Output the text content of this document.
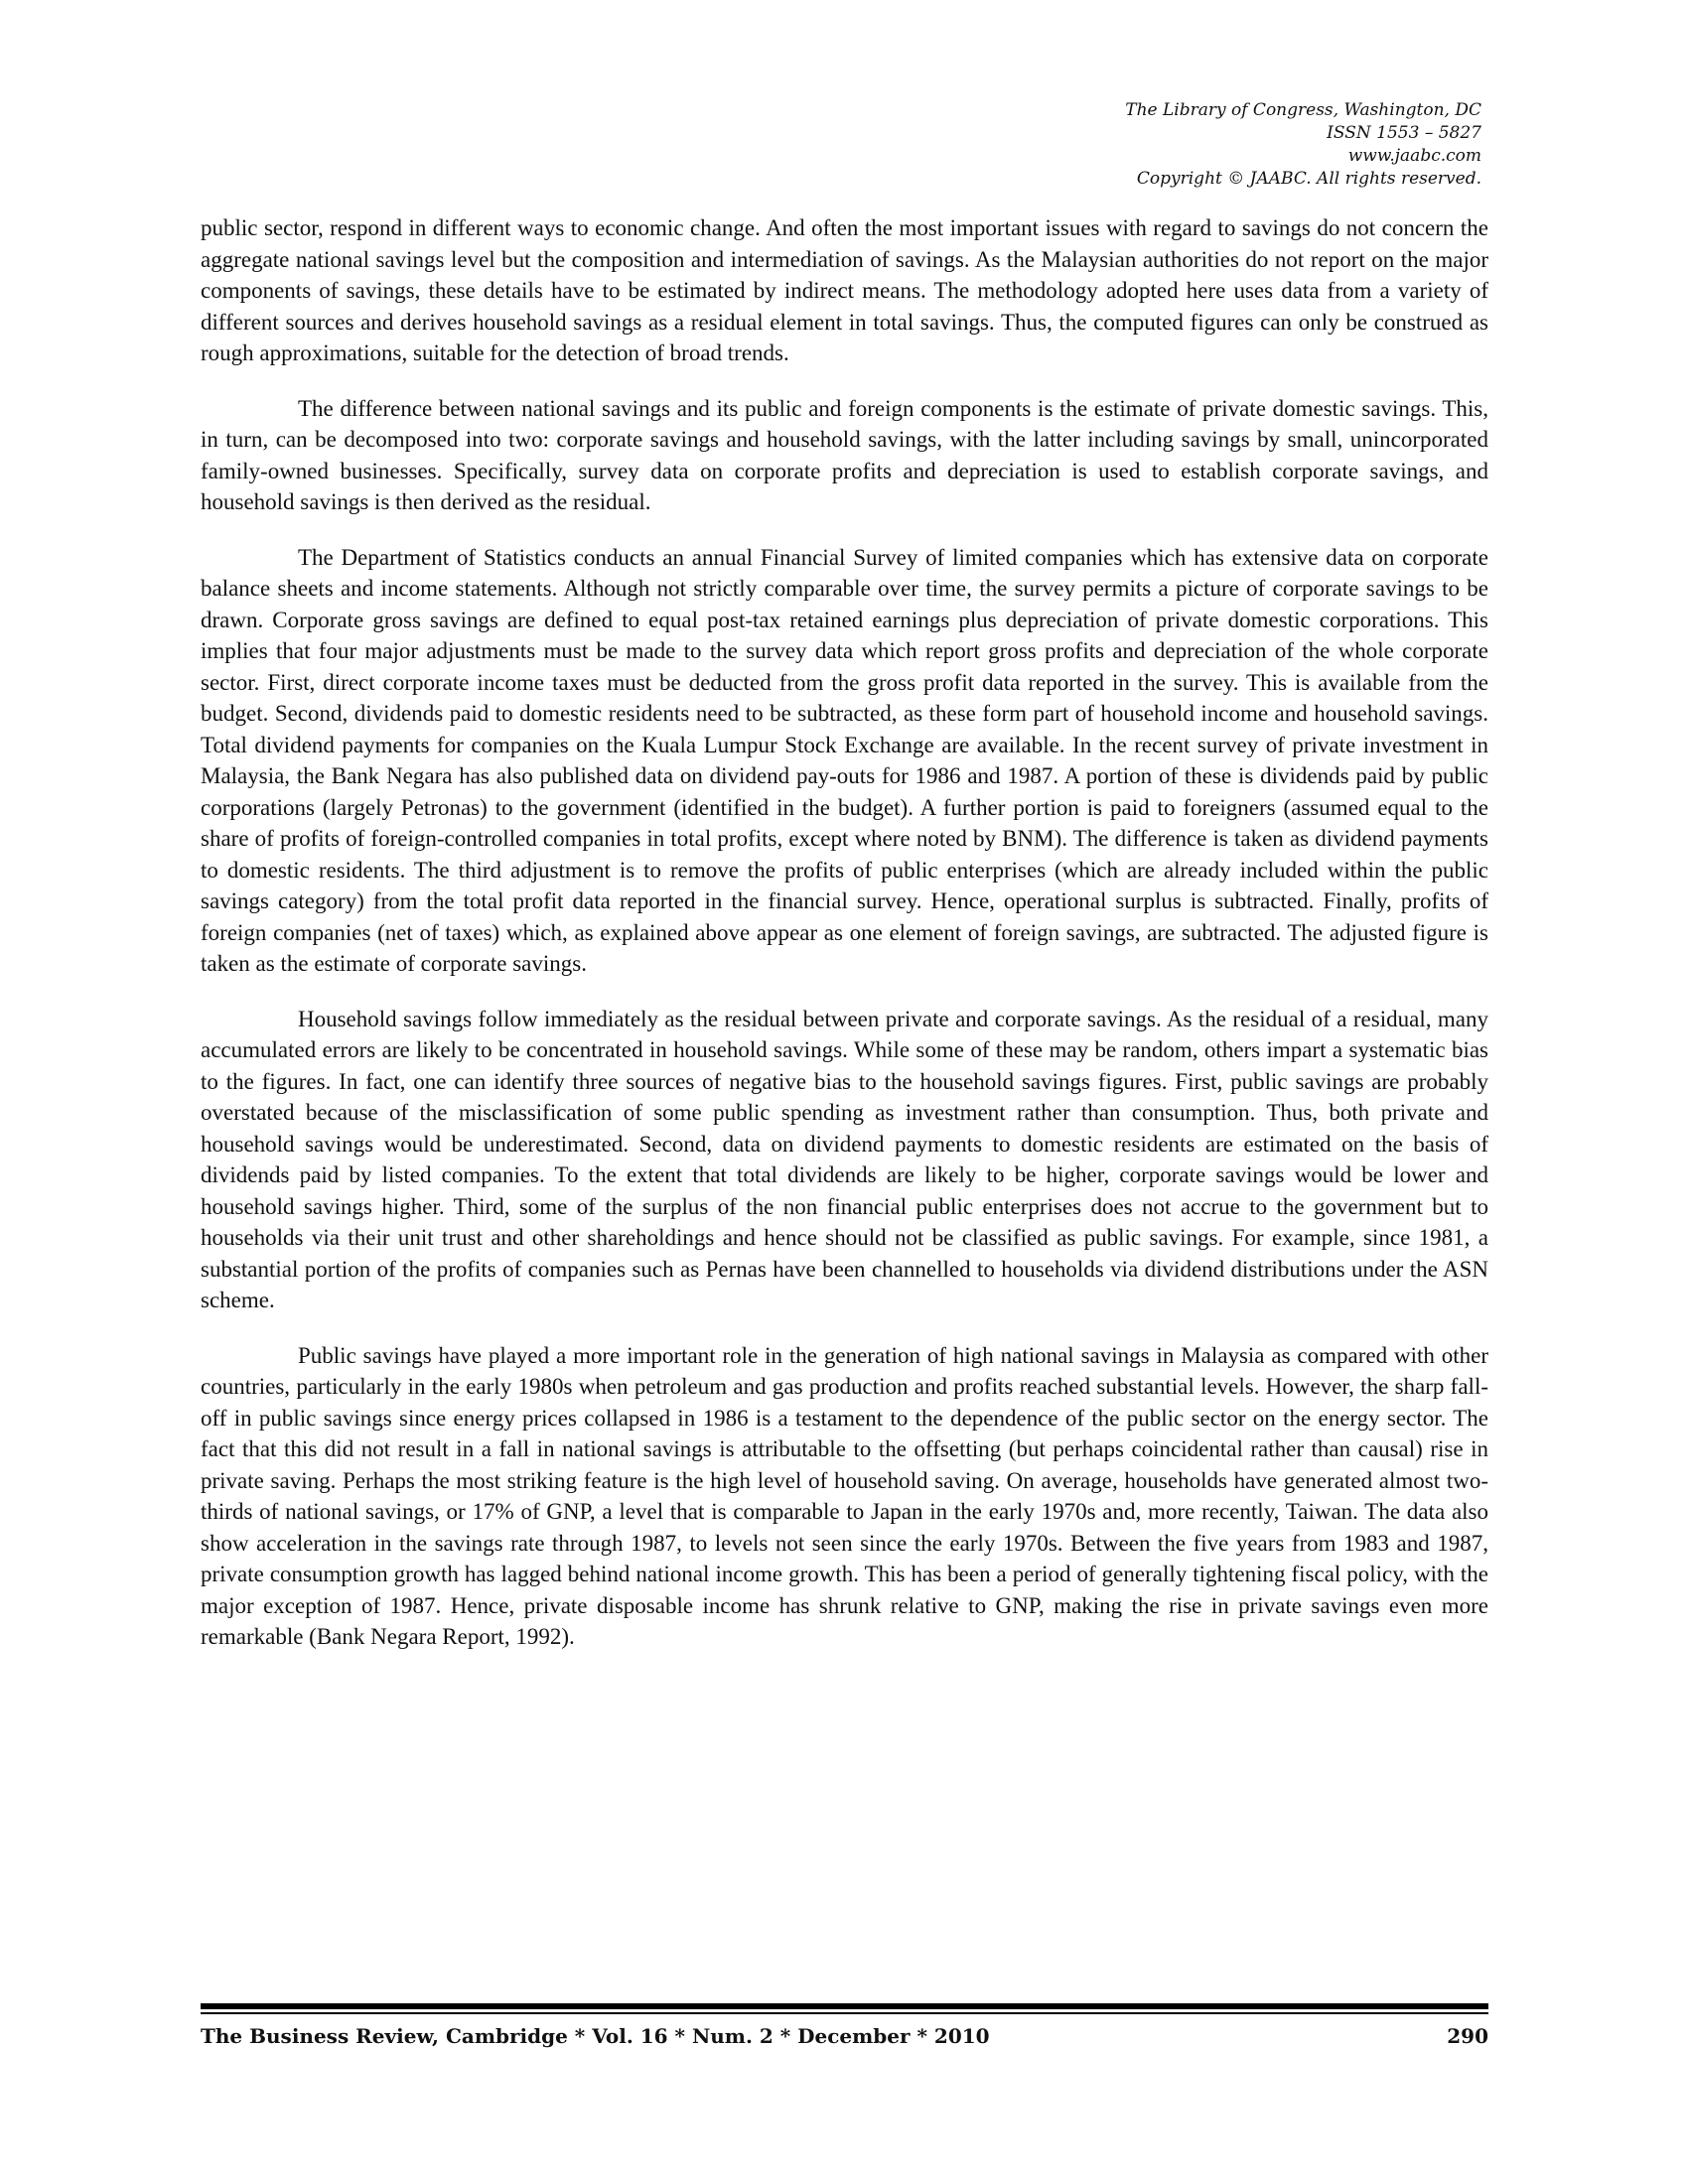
The Library of Congress, Washington, DC
ISSN 1553 – 5827
www.jaabc.com
Copyright © JAABC. All rights reserved.

public sector, respond in different ways to economic change. And often the most important issues with regard to savings do not concern the aggregate national savings level but the composition and intermediation of savings. As the Malaysian authorities do not report on the major components of savings, these details have to be estimated by indirect means. The methodology adopted here uses data from a variety of different sources and derives household savings as a residual element in total savings. Thus, the computed figures can only be construed as rough approximations, suitable for the detection of broad trends.

The difference between national savings and its public and foreign components is the estimate of private domestic savings. This, in turn, can be decomposed into two: corporate savings and household savings, with the latter including savings by small, unincorporated family-owned businesses. Specifically, survey data on corporate profits and depreciation is used to establish corporate savings, and household savings is then derived as the residual.

The Department of Statistics conducts an annual Financial Survey of limited companies which has extensive data on corporate balance sheets and income statements. Although not strictly comparable over time, the survey permits a picture of corporate savings to be drawn. Corporate gross savings are defined to equal post-tax retained earnings plus depreciation of private domestic corporations. This implies that four major adjustments must be made to the survey data which report gross profits and depreciation of the whole corporate sector. First, direct corporate income taxes must be deducted from the gross profit data reported in the survey. This is available from the budget. Second, dividends paid to domestic residents need to be subtracted, as these form part of household income and household savings. Total dividend payments for companies on the Kuala Lumpur Stock Exchange are available. In the recent survey of private investment in Malaysia, the Bank Negara has also published data on dividend pay-outs for 1986 and 1987. A portion of these is dividends paid by public corporations (largely Petronas) to the government (identified in the budget). A further portion is paid to foreigners (assumed equal to the share of profits of foreign-controlled companies in total profits, except where noted by BNM). The difference is taken as dividend payments to domestic residents. The third adjustment is to remove the profits of public enterprises (which are already included within the public savings category) from the total profit data reported in the financial survey. Hence, operational surplus is subtracted. Finally, profits of foreign companies (net of taxes) which, as explained above appear as one element of foreign savings, are subtracted. The adjusted figure is taken as the estimate of corporate savings.

Household savings follow immediately as the residual between private and corporate savings. As the residual of a residual, many accumulated errors are likely to be concentrated in household savings. While some of these may be random, others impart a systematic bias to the figures. In fact, one can identify three sources of negative bias to the household savings figures. First, public savings are probably overstated because of the misclassification of some public spending as investment rather than consumption. Thus, both private and household savings would be underestimated. Second, data on dividend payments to domestic residents are estimated on the basis of dividends paid by listed companies. To the extent that total dividends are likely to be higher, corporate savings would be lower and household savings higher. Third, some of the surplus of the non financial public enterprises does not accrue to the government but to households via their unit trust and other shareholdings and hence should not be classified as public savings. For example, since 1981, a substantial portion of the profits of companies such as Pernas have been channelled to households via dividend distributions under the ASN scheme.

Public savings have played a more important role in the generation of high national savings in Malaysia as compared with other countries, particularly in the early 1980s when petroleum and gas production and profits reached substantial levels. However, the sharp fall-off in public savings since energy prices collapsed in 1986 is a testament to the dependence of the public sector on the energy sector. The fact that this did not result in a fall in national savings is attributable to the offsetting (but perhaps coincidental rather than causal) rise in private saving. Perhaps the most striking feature is the high level of household saving. On average, households have generated almost two-thirds of national savings, or 17% of GNP, a level that is comparable to Japan in the early 1970s and, more recently, Taiwan. The data also show acceleration in the savings rate through 1987, to levels not seen since the early 1970s. Between the five years from 1983 and 1987, private consumption growth has lagged behind national income growth. This has been a period of generally tightening fiscal policy, with the major exception of 1987. Hence, private disposable income has shrunk relative to GNP, making the rise in private savings even more remarkable (Bank Negara Report, 1992).

The Business Review, Cambridge * Vol. 16 * Num. 2 * December * 2010	290
